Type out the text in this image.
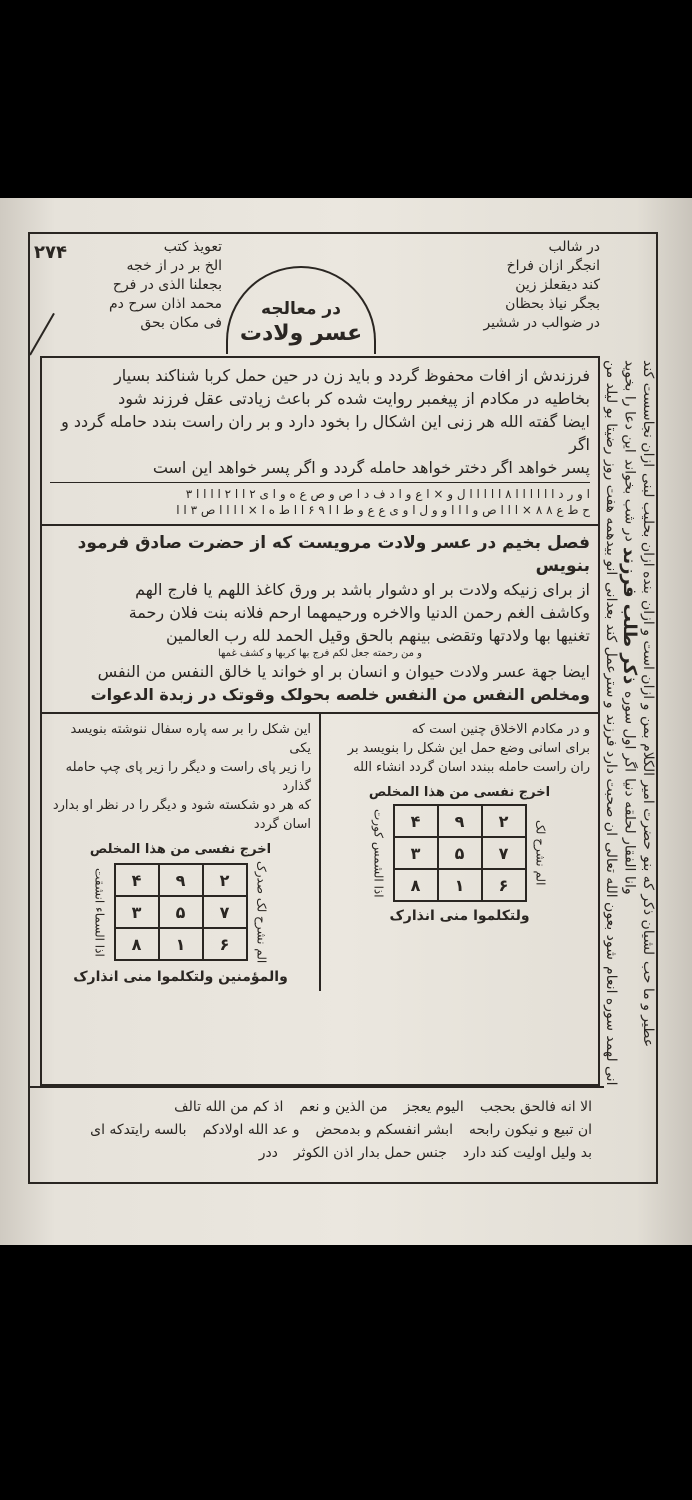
۲۷۴	تعویذ کتب
الخ بر در از خجه
بجعلنا الذی در فرح
محمد اذان سرح دم
فی مکان بحق
در معالجه
عسر ولادت
در شالب
انجگر ازان فراخ
کند دیقعلز زین
بجگر نیاذ بحظان
در ضوالب در ششیر
فرزندش از افات محفوظ گردد و باید زن در حین حمل کربا شناکند بسیار
بخاطیه در مکادم از پیغمبر روایت شده کر باعث زیادتی عقل فرزند شود
ایضا گفته الله هر زنی این اشکال را بخود دارد و بر ران راست بندد حامله گردد و اگر
پسر خواهد اگر دختر خواهد حامله گردد و اگر پسر خواهد این است
ا و ر د ا ا ا ا ا ا ۸ ا ا ا ا ا ل و × ا ع و ا د ف د ا ص و ص ع ه و ا ی ۲ ا ا ۲ ا ا ا ا ۳
ح ط ع ۸ ۸ × ا ا ا ص و ا ا ا و و ل ا و ی ع ع و ط ا ا ۹ ۶ ا ا ط ه ا × ا ا ا ا ص ۳ ا ا
فصل بخیم در عسر ولادت مرویست که از حضرت صادق فرمود بنویس
از برای زنیکه ولادت بر او دشوار باشد بر ورق کاغذ اللهم یا فارج الهم
وکاشف الغم رحمن الدنیا والاخره ورحیمهما ارحم فلانه بنت فلان رحمة
تغنیها بها ولادتها وتقضی بینهم بالحق وقیل الحمد لله رب العالمین
و من رحمته جعل لکم فرج بها کربها و کشف غمها
ایضا جهة عسر ولادت حیوان و انسان بر او خواند یا خالق النفس من النفس
ومخلص النفس من النفس خلصه بحولک وقوتک در زبدة الدعوات
این شکل را بر سه پاره سفال ننوشته بنویسد یکی
را زیر پای راست و دیگر را زیر پای چپ حامله گذارد
که هر دو شکسته شود و دیگر را در نظر او بدارد
اسان گردد
اخرج نفسی من هذا المخلص
اذا السماء انشقت ۴	۹	۲
۳	۵	۷
۸	۱	۶ الم نشرح لک صدرک
والمؤمنین ولتکلموا منی انذارک
و در مکادم الاخلاق چنین است که
برای اسانی وضع حمل این شکل را بنویسد بر
ران راست حامله ببندد اسان گردد انشاء الله
اخرج نفسی من هذا المخلص
اذا الشمس کورت ۴	۹	۲
۳	۵	۷
۸	۱	۶ الم نشرح لک
ولتکلموا منی انذارک
ازان نجاسست کند
بنده ازان بحلیب لبنی
و ازان است و ازان
حضرت امیر الکلام بمن
لشیان ذکر که بنو
عطیر و ما حب
این دعا را بخوید
در شب بخواند
ذکر طلب فرزند
اگر اول سوره
وانا الفقار لحلقه دنیا
رضیتا بو لیلد من
انو بیدهمه هفت روز
و سترعمل کند بعدانی
ان صحبت دارد فرزند
شود بعون الله تعالی
انی لهمد سوره انعام
الا انه فالحق بحجب
الیوم یعجز
من الذین و نعم
اذ کم من الله تالف
ان تبیع و نیکون رابحه
ابشر انفسکم و بدمحض
و عد الله اولادکم
بالسه رایتدکه ای
بد ولیل اولیت کند دارد
جنس حمل بدار اذن الکوثر
ددر
